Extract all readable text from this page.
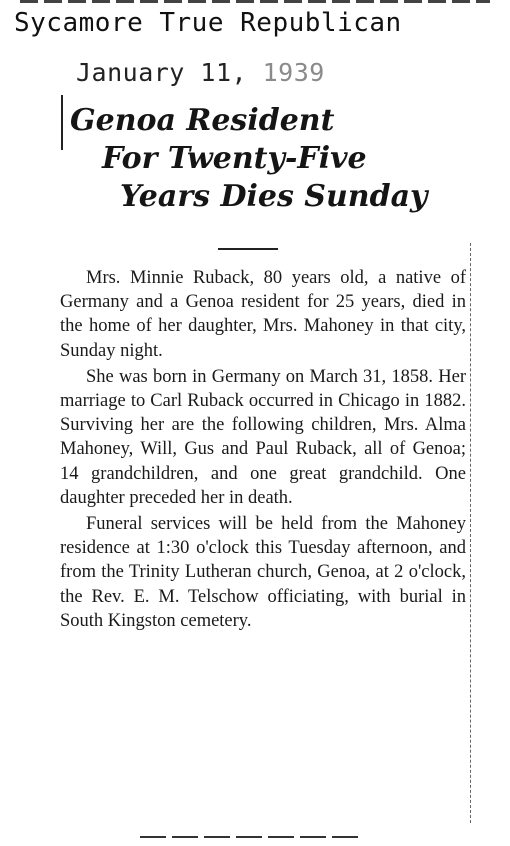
Sycamore True Republican
January 11, 1939
Genoa Resident
For Twenty-Five
Years Dies Sunday

Mrs. Minnie Ruback, 80 years old, a native of Germany and a Genoa resident for 25 years, died in the home of her daughter, Mrs. Mahoney in that city, Sunday night.

She was born in Germany on March 31, 1858. Her marriage to Carl Ruback occurred in Chicago in 1882. Surviving her are the following children, Mrs. Alma Mahoney, Will, Gus and Paul Ruback, all of Genoa; 14 grandchildren, and one great grandchild. One daughter preceded her in death.

Funeral services will be held from the Mahoney residence at 1:30 o'clock this Tuesday afternoon, and from the Trinity Lutheran church, Genoa, at 2 o'clock, the Rev. E. M. Telschow officiating, with burial in South Kingston cemetery.
